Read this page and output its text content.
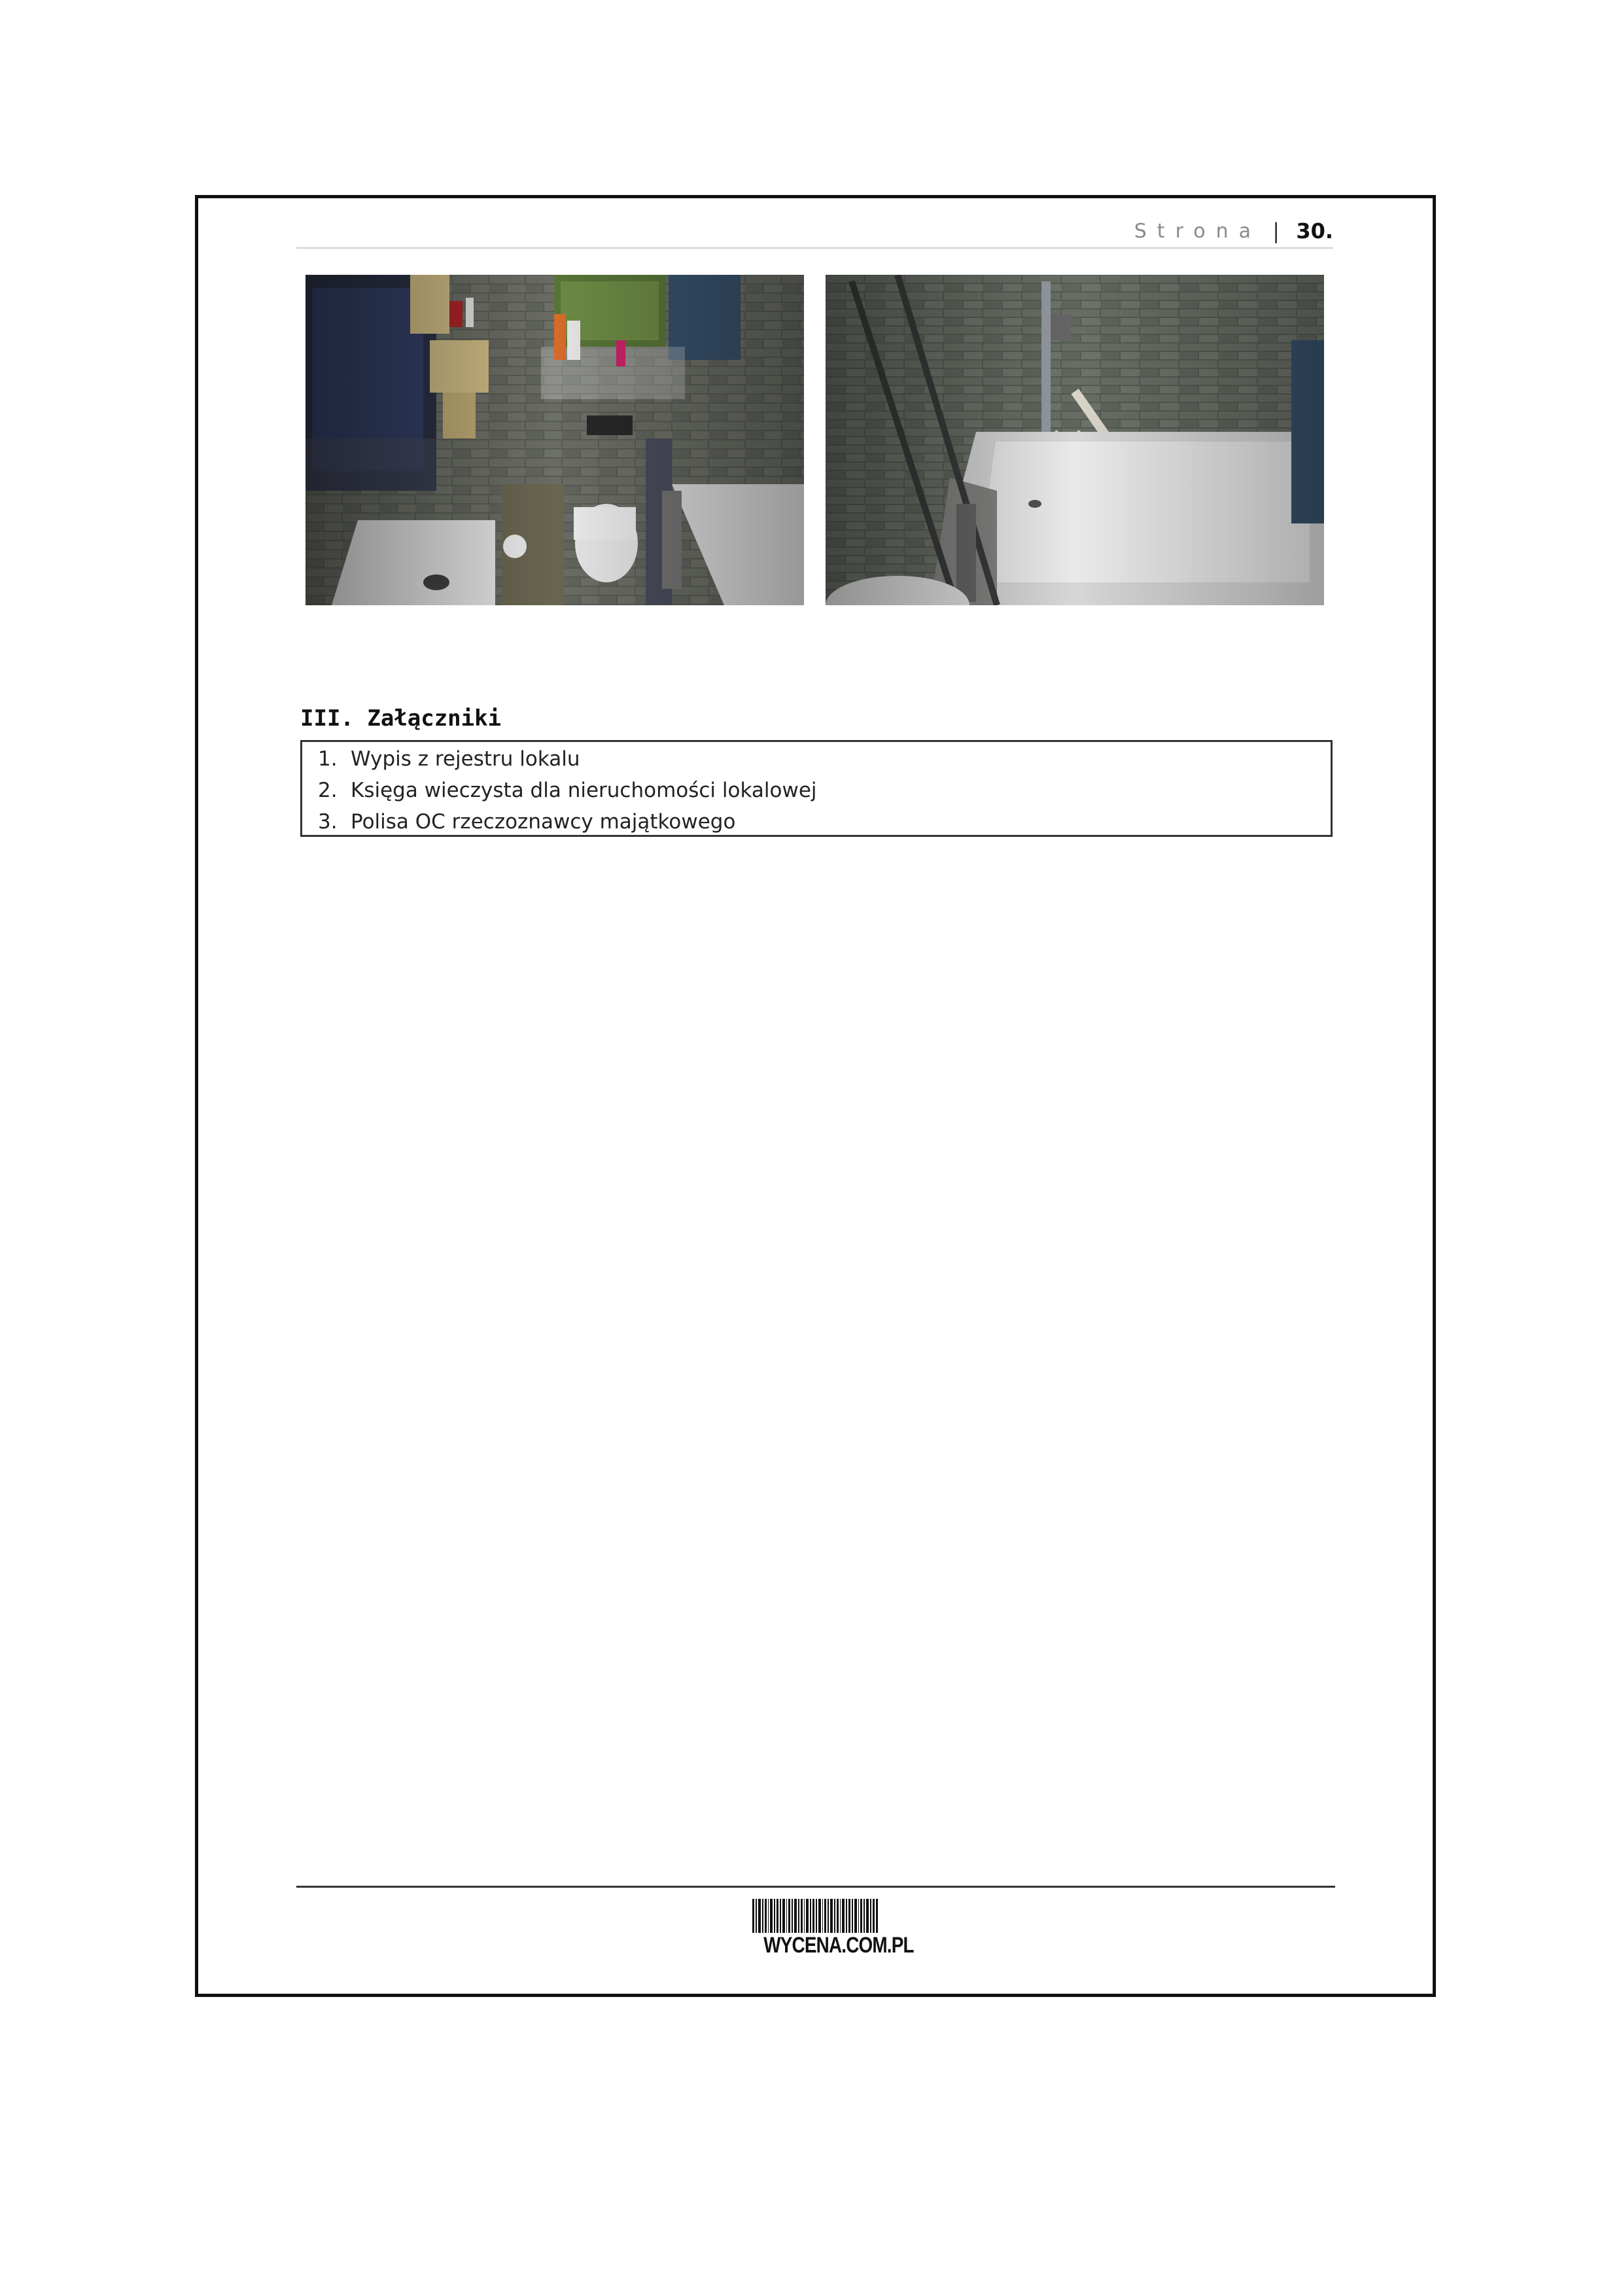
Strona | 30.
III. Załączniki
1. Wypis z rejestru lokalu
2. Księga wieczysta dla nieruchomości lokalowej
3. Polisa OC rzeczoznawcy majątkowego
WYCENA.COM.PL
